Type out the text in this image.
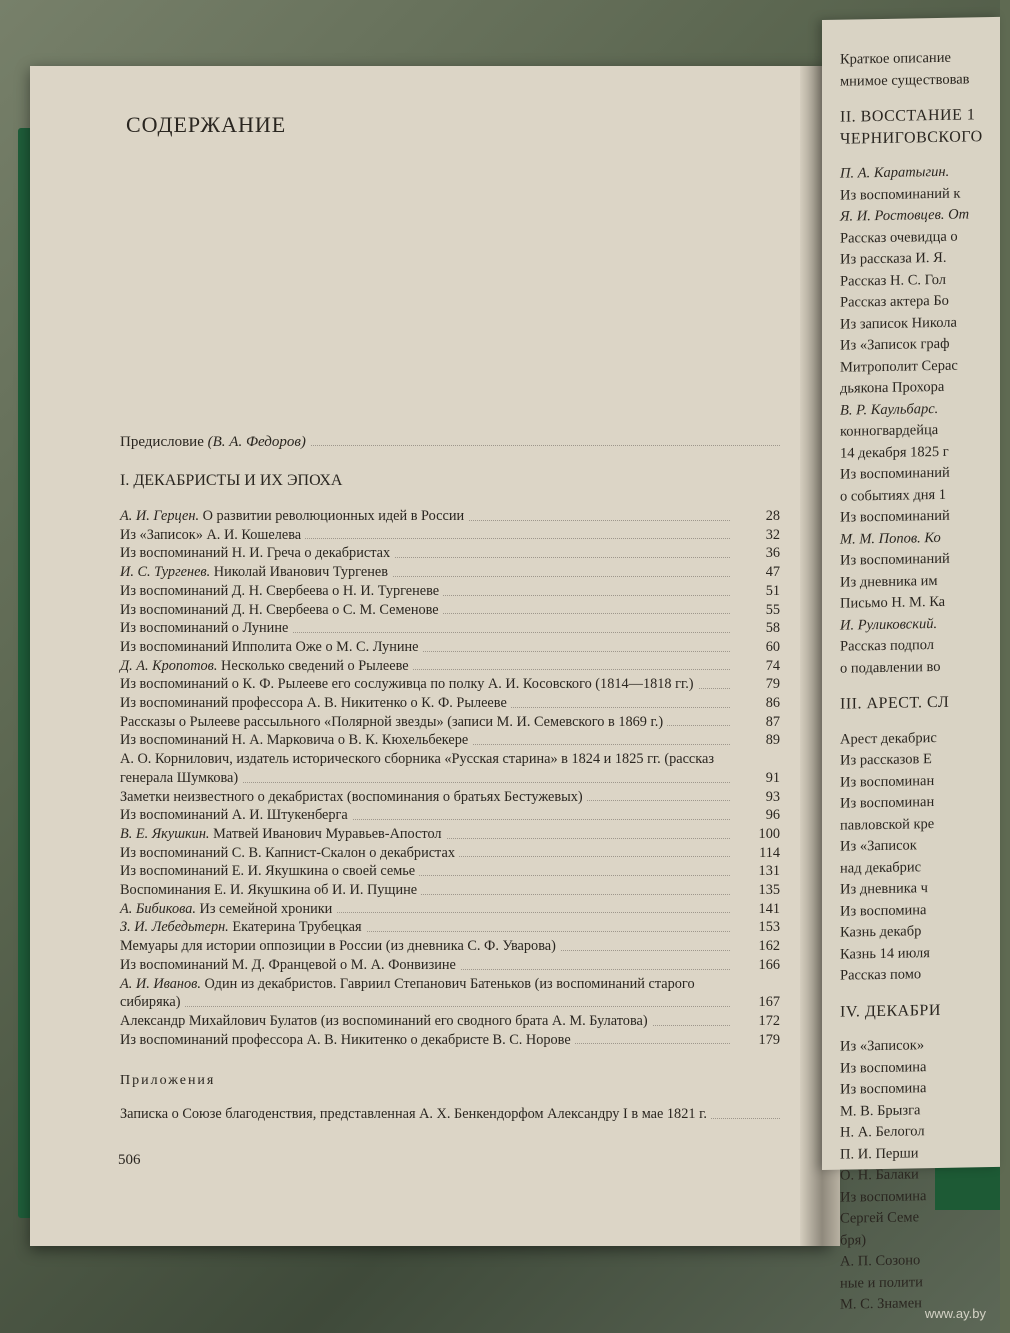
СОДЕРЖАНИЕ
Предисловие (В. А. Федоров)
I. ДЕКАБРИСТЫ И ИХ ЭПОХА
А. И. Герцен. О развитии революционных идей в России	28
Из «Записок» А. И. Кошелева	32
Из воспоминаний Н. И. Греча о декабристах	36
И. С. Тургенев. Николай Иванович Тургенев	47
Из воспоминаний Д. Н. Свербеева о Н. И. Тургеневе	51
Из воспоминаний Д. Н. Свербеева о С. М. Семенове	55
Из воспоминаний о Лунине	58
Из воспоминаний Ипполита Оже о М. С. Лунине	60
Д. А. Кропотов. Несколько сведений о Рылееве	74
Из воспоминаний о К. Ф. Рылееве его сослуживца по полку А. И. Косовского (1814—1818 гг.)	79
Из воспоминаний профессора А. В. Никитенко о К. Ф. Рылееве	86
Рассказы о Рылееве рассыльного «Полярной звезды» (записи М. И. Семевского в 1869 г.)	87
Из воспоминаний Н. А. Марковича о В. К. Кюхельбекере	89
А. О. Корнилович, издатель исторического сборника «Русская старина» в 1824 и 1825 гг. (рассказ генерала Шумкова)	91
Заметки неизвестного о декабристах (воспоминания о братьях Бестужевых)	93
Из воспоминаний А. И. Штукенберга	96
В. Е. Якушкин. Матвей Иванович Муравьев-Апостол	100
Из воспоминаний С. В. Капнист-Скалон о декабристах	114
Из воспоминаний Е. И. Якушкина о своей семье	131
Воспоминания Е. И. Якушкина об И. И. Пущине	135
А. Бибикова. Из семейной хроники	141
З. И. Лебедьтерн. Екатерина Трубецкая	153
Мемуары для истории оппозиции в России (из дневника С. Ф. Уварова)	162
Из воспоминаний М. Д. Францевой о М. А. Фонвизине	166
А. И. Иванов. Один из декабристов. Гавриил Степанович Батеньков (из воспоминаний старого сибиряка)	167
Александр Михайлович Булатов (из воспоминаний его сводного брата А. М. Булатова)	172
Из воспоминаний профессора А. В. Никитенко о декабристе В. С. Норове	179
Приложения
Записка о Союзе благоденствия, представленная А. Х. Бенкендорфом Александру I в мае 1821 г.
506
Краткое описание
мнимое существовав
II. ВОССТАНИЕ 1
ЧЕРНИГОВСКОГО
П. А. Каратыгин.
Из воспоминаний к
Я. И. Ростовцев. От
Рассказ очевидца о
Из рассказа И. Я.
Рассказ Н. С. Гол
Рассказ актера Бо
Из записок Никола
Из «Записок граф
Митрополит Серас
дьякона Прохора
В. Р. Каульбарс.
конногвардейца
14 декабря 1825 г
Из воспоминаний
о событиях дня 1
Из воспоминаний
М. М. Попов. Ко
Из воспоминаний
Из дневника им
Письмо Н. М. Ка
И. Руликовский.
Рассказ подпол
о подавлении во
III. АРЕСТ. СЛ
Арест декабрис
Из рассказов Е
Из воспоминан
Из воспоминан
павловской кре
Из «Записок
над декабрис
Из дневника ч
Из воспомина
Казнь декабр
Казнь 14 июля
Рассказ помо
IV. ДЕКАБРИ
Из «Записок»
Из воспомина
Из воспомина
М. В. Брызга
Н. А. Белогол
П. И. Перши
О. Н. Балаки
Из воспомина
Сергей Семе
бря)
А. П. Созоно
ные и полити
М. С. Знамен
www.ay.by
